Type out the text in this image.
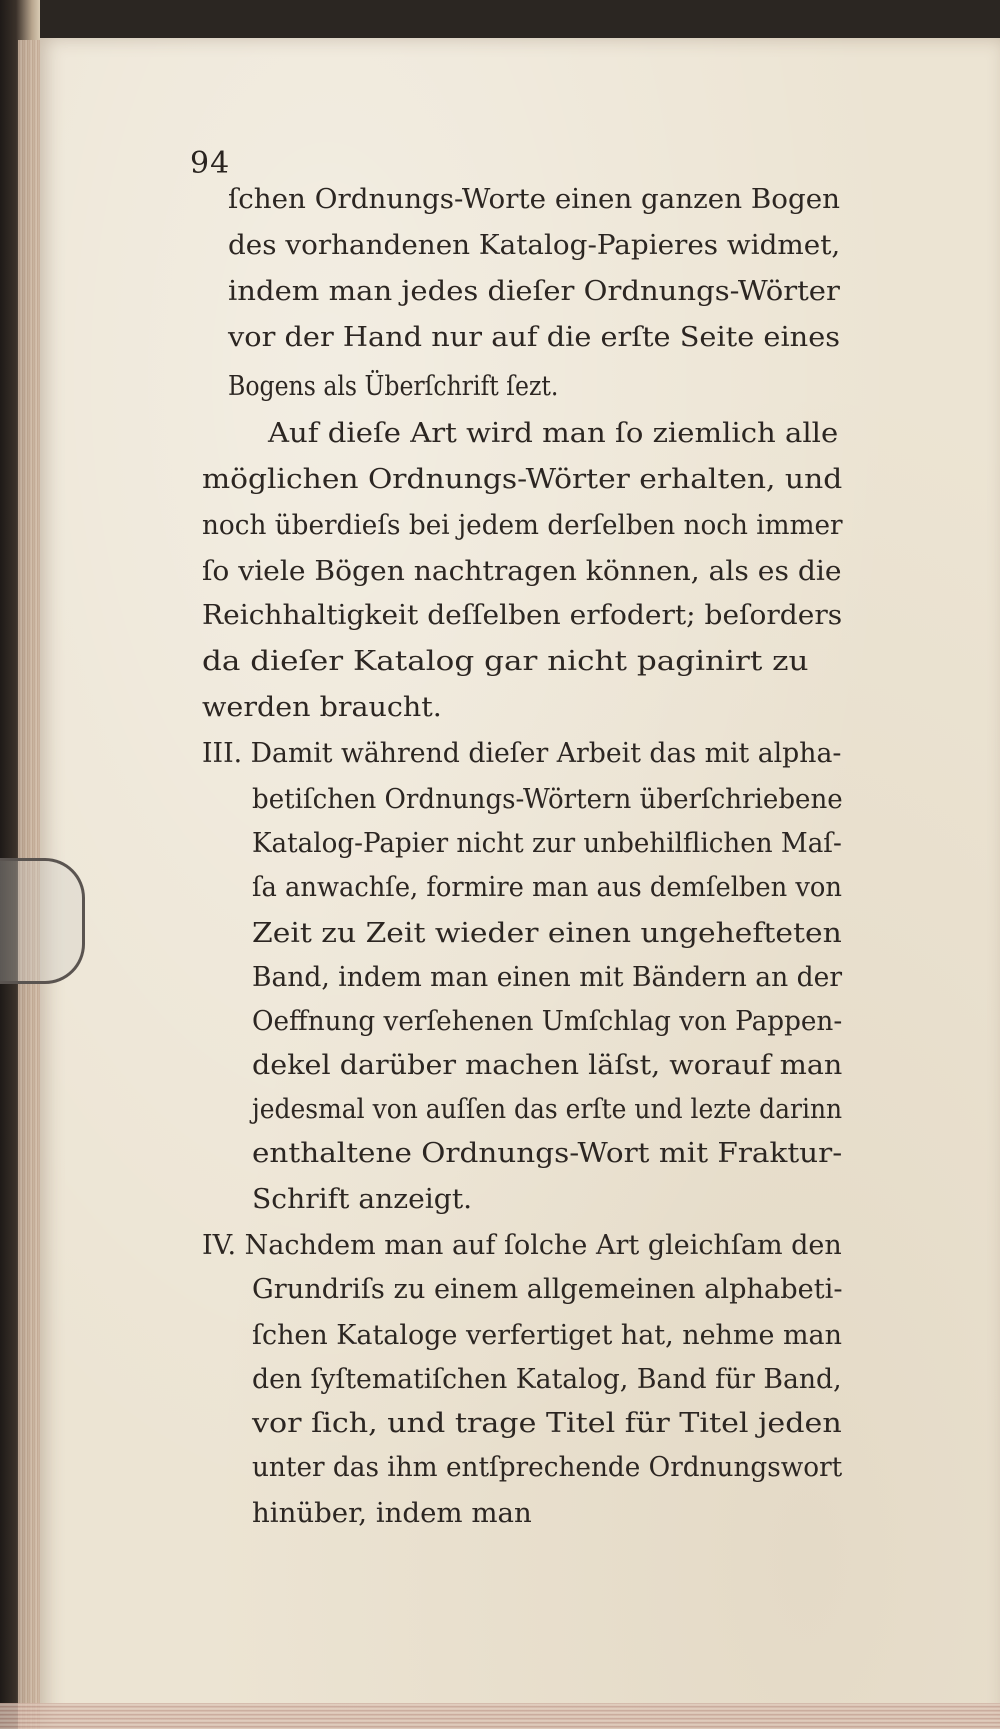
94
ſchen Ordnungs-Worte einen ganzen Bogen
des vorhandenen Katalog-Papieres widmet,
indem man jedes dieſer Ordnungs-Wörter
vor der Hand nur auf die erſte Seite eines
Bogens als Überſchrift ſezt.
Auf dieſe Art wird man ſo ziemlich alle
möglichen Ordnungs-Wörter erhalten, und
noch überdieſs bei jedem derſelben noch immer
ſo viele Bögen nachtragen können, als es die
Reichhaltigkeit deſſelben erfodert; beſorders
da dieſer Katalog gar nicht paginirt zu
werden braucht.
III. Damit während dieſer Arbeit das mit alpha-
betiſchen Ordnungs-Wörtern überſchriebene
Katalog-Papier nicht zur unbehilflichen Maſ-
ſa anwachſe, formire man aus demſelben von
Zeit zu Zeit wieder einen ungehefteten
Band, indem man einen mit Bändern an der
Oeffnung verſehenen Umſchlag von Pappen-
dekel darüber machen läſst, worauf man
jedesmal von auſſen das erſte und lezte darinn
enthaltene Ordnungs-Wort mit Fraktur-
Schrift anzeigt.
IV. Nachdem man auf ſolche Art gleichſam den
Grundriſs zu einem allgemeinen alphabeti-
ſchen Kataloge verfertiget hat, nehme man
den ſyſtematiſchen Katalog, Band für Band,
vor ſich, und trage Titel für Titel jeden
unter das ihm entſprechende Ordnungswort
hinüber, indem man
